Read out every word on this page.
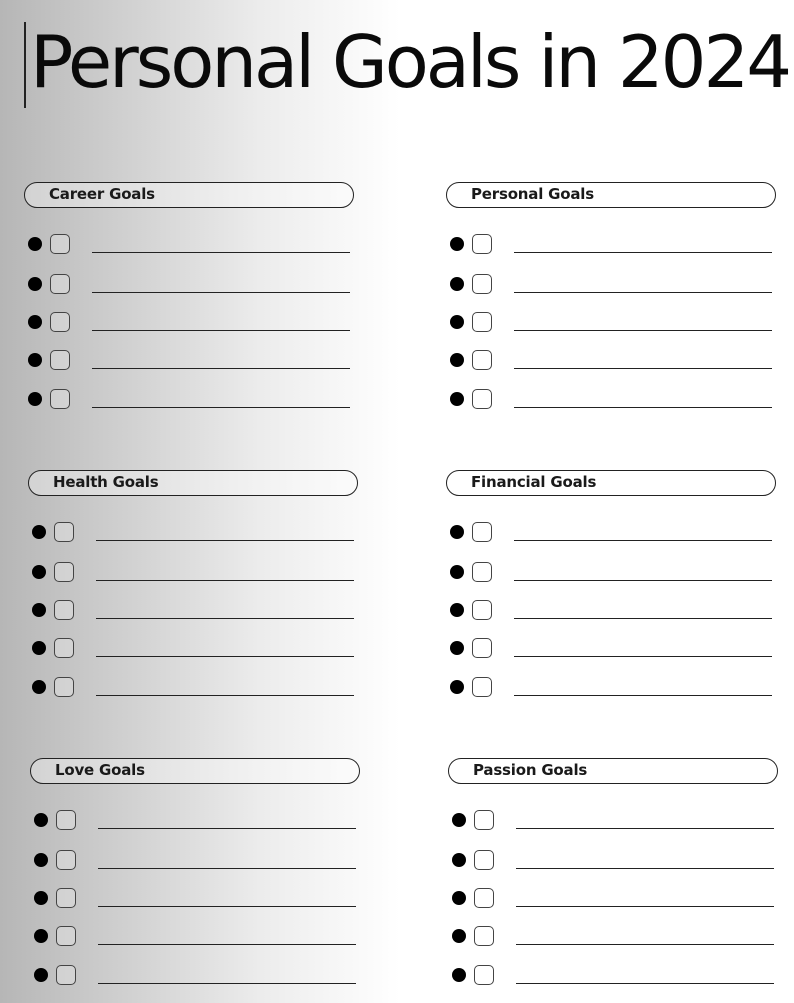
Personal Goals in 2024
Career Goals	Personal Goals
Health Goals	Financial Goals
Love Goals	Passion Goals
